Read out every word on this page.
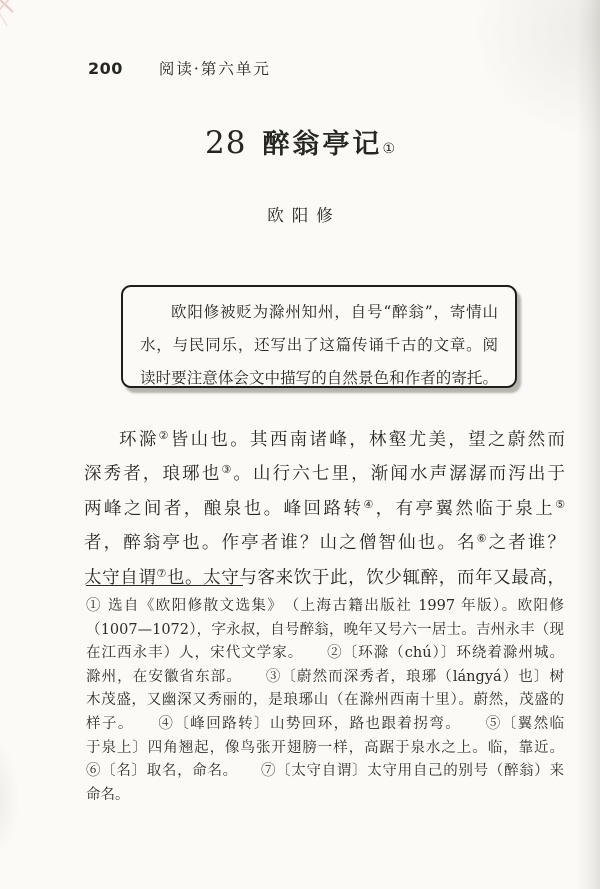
200 阅读·第六单元
28 醉翁亭记 ①
欧阳修
欧阳修被贬为滁州知州，自号“醉翁”，寄情山
水，与民同乐，还写出了这篇传诵千古的文章。阅
读时要注意体会文中描写的自然景色和作者的寄托。
环滁②皆山也。其西南诸峰，林壑尤美，望之蔚然而
深秀者，琅琊也③。山行六七里，渐闻水声潺潺而泻出于
两峰之间者，酿泉也。峰回路转④，有亭翼然临于泉上⑤
者，醉翁亭也。作亭者谁？山之僧智仙也。名⑥之者谁？
太守自谓⑦也。太守与客来饮于此，饮少辄醉，而年又最高，
① 选自《欧阳修散文选集》　（上海古籍出版社 1997 年版）。欧阳修
（1007—1072），字永叔，自号醉翁，晚年又号六一居士。吉州永丰（现
在江西永丰）人，宋代文学家。　　②〔环滁（chú）〕环绕着滁州城。
滁州，在安徽省东部。　　③〔蔚然而深秀者，琅琊（lángyá）也〕树
木茂盛，又幽深又秀丽的，是琅琊山（在滁州西南十里）。蔚然，茂盛的
样子。　　④〔峰回路转〕山势回环，路也跟着拐弯。　　⑤〔翼然临
于泉上〕四角翘起，像鸟张开翅膀一样，高踞于泉水之上。临，靠近。
⑥〔名〕取名，命名。　　⑦〔太守自谓〕太守用自己的别号（醉翁）来
命名。
